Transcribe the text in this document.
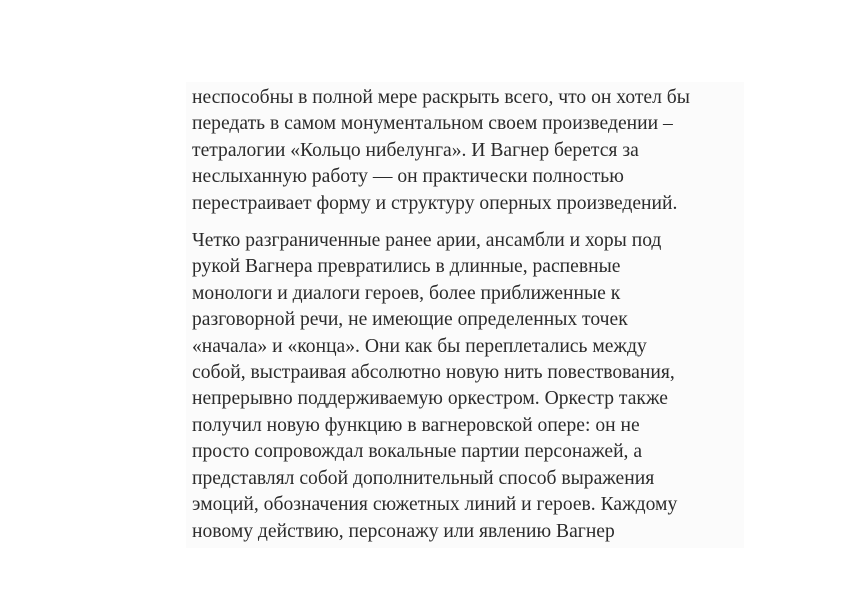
неспособны в полной мере раскрыть всего, что он хотел бы
передать в самом монументальном своем произведении –
тетралогии «Кольцо нибелунга». И Вагнер берется за
неслыханную работу — он практически полностью
перестраивает форму и структуру оперных произведений.

Четко разграниченные ранее арии, ансамбли и хоры под
рукой Вагнера превратились в длинные, распевные
монологи и диалоги героев, более приближенные к
разговорной речи, не имеющие определенных точек
«начала» и «конца». Они как бы переплетались между
собой, выстраивая абсолютно новую нить повествования,
непрерывно поддерживаемую оркестром. Оркестр также
получил новую функцию в вагнеровской опере: он не
просто сопровождал вокальные партии персонажей, а
представлял собой дополнительный способ выражения
эмоций, обозначения сюжетных линий и героев. Каждому
новому действию, персонажу или явлению Вагнер
